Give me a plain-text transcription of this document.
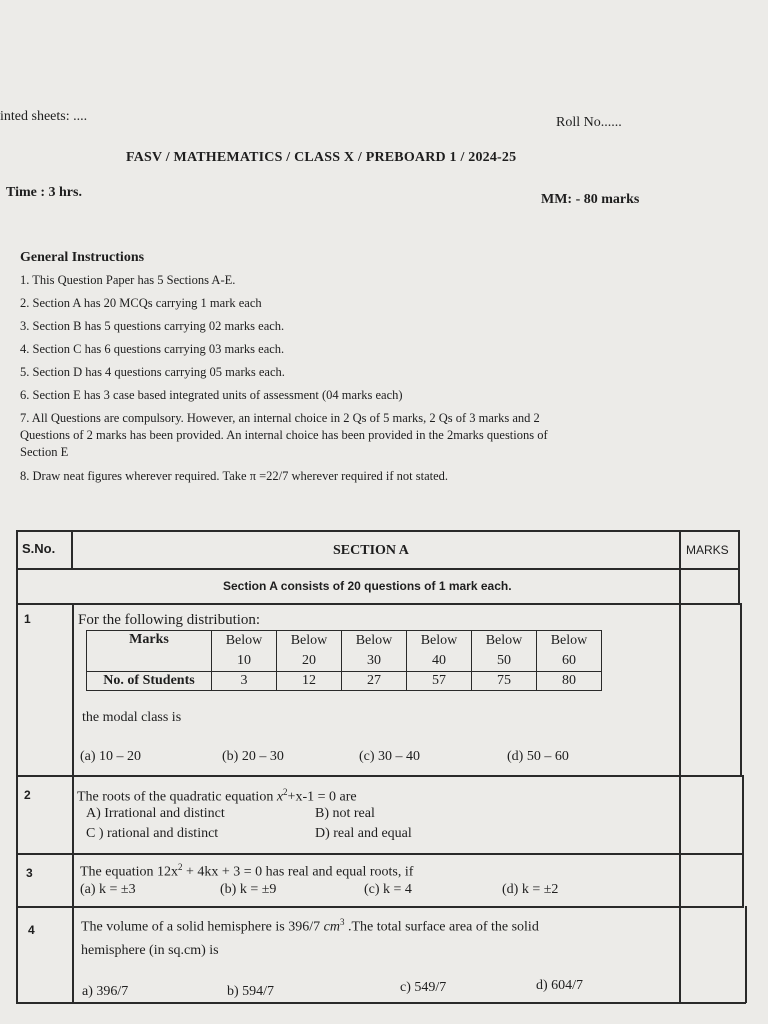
inted sheets: ....	Roll No......
FASV / MATHEMATICS / CLASS X / PREBOARD 1 / 2024-25
Time : 3 hrs.	MM: - 80 marks
General Instructions
1. This Question Paper has 5 Sections A-E.
2. Section A has 20 MCQs carrying 1 mark each
3. Section B has 5 questions carrying 02 marks each.
4. Section C has 6 questions carrying 03 marks each.
5. Section D has 4 questions carrying 05 marks each.
6. Section E has 3 case based integrated units of assessment (04 marks each)
7. All Questions are compulsory. However, an internal choice in 2 Qs of 5 marks, 2 Qs of 3 marks and 2
Questions of 2 marks has been provided. An internal choice has been provided in the 2marks questions of
Section E
8. Draw neat figures wherever required. Take π =22/7 wherever required if not stated.
S.No.	SECTION A	MARKS
Section A consists of 20 questions of 1 mark each.
1	For the following distribution:
Marks	Below	Below	Below	Below	Below	Below
	10	20	30	40	50	60
No. of Students	3	12	27	57	75	80
the modal class is
(a) 10 – 20	(b) 20 – 30	(c) 30 – 40	(d) 50 – 60
2	The roots of the quadratic equation $x^2+x-1 = 0$ are
A) Irrational and distinct	B) not real
C ) rational and distinct	D) real and equal
3	The equation $12x^2 + 4kx + 3 = 0$ has real and equal roots, if
(a) k = ±3	(b) k = ±9	(c) k = 4	(d) k = ±2
4	The volume of a solid hemisphere is 396/7 $cm^3$ .The total surface area of the solid
hemisphere (in sq.cm) is
a) 396/7	b) 594/7	c) 549/7	d) 604/7
